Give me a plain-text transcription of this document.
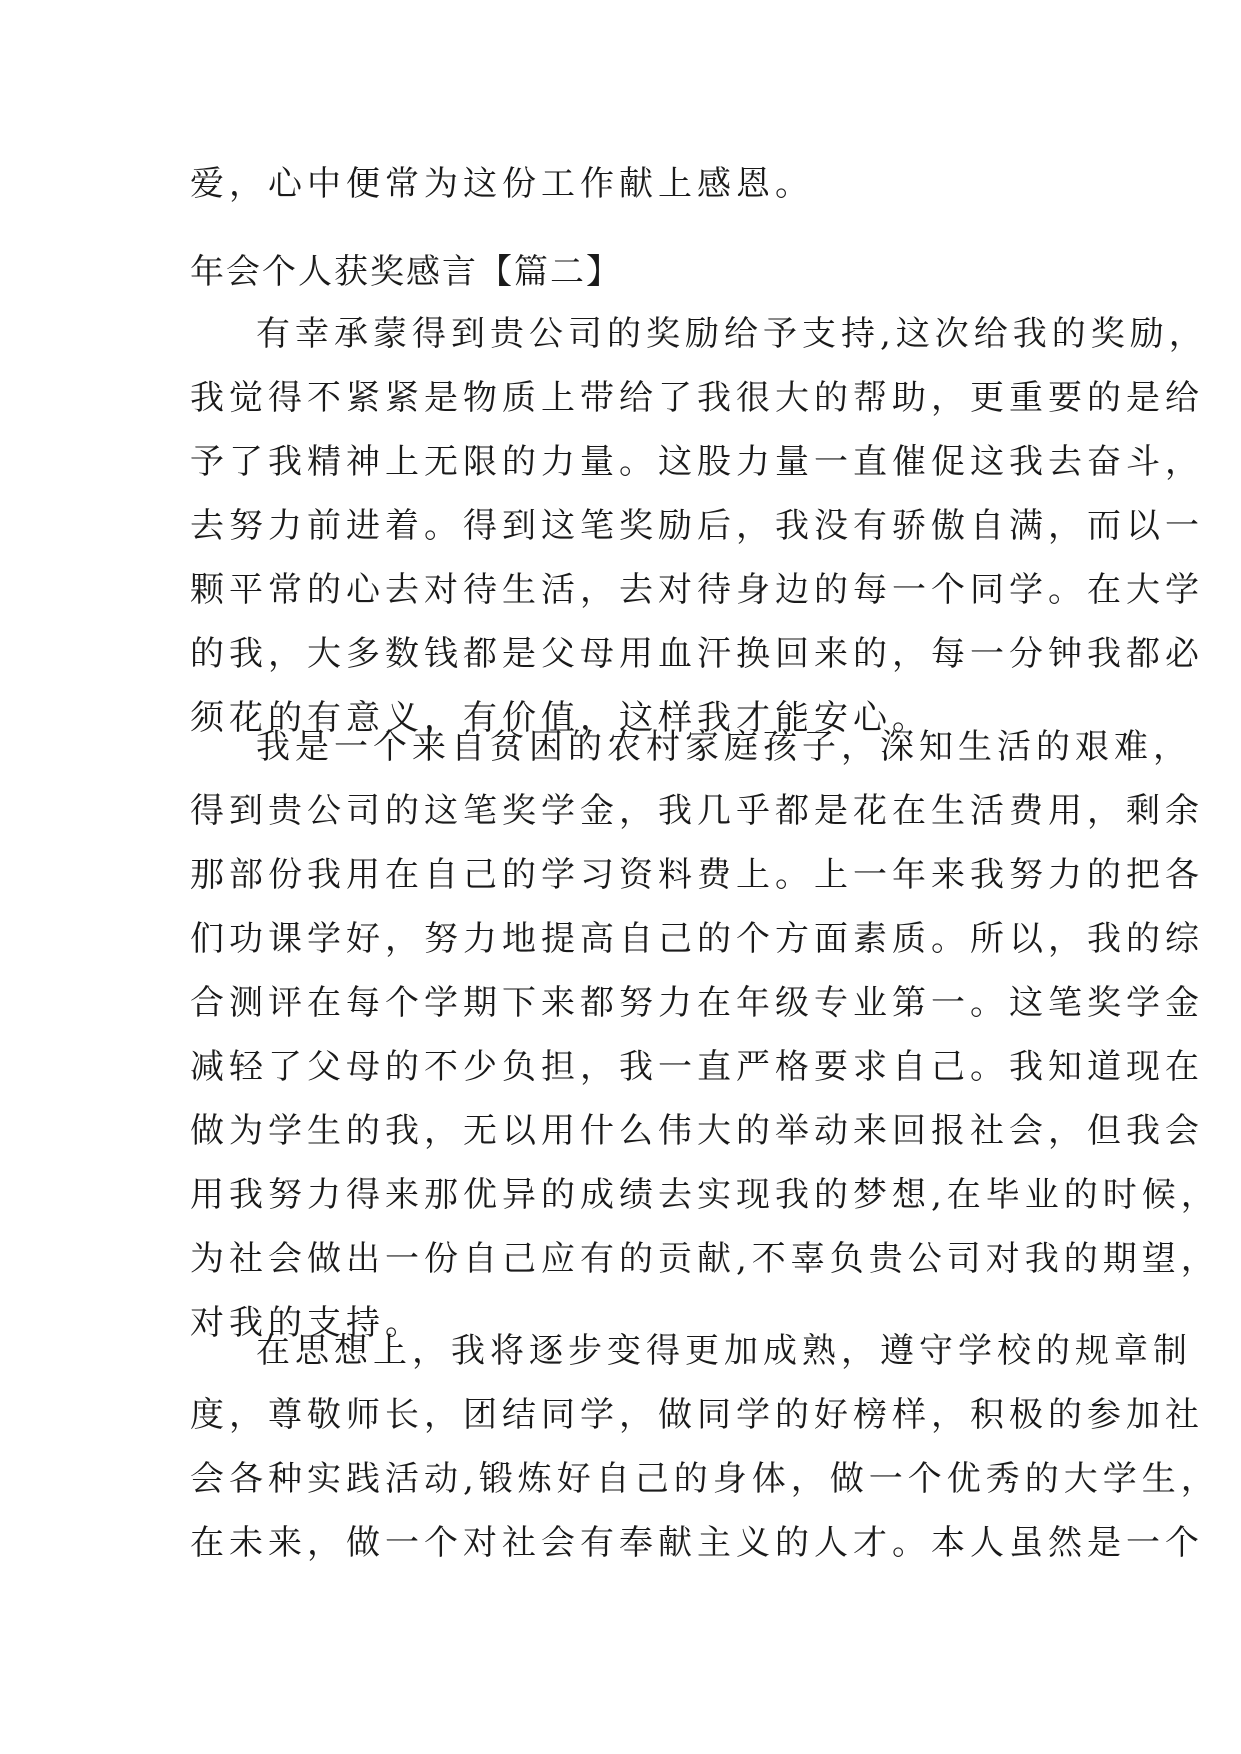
爱，心中便常为这份工作献上感恩。
年会个人获奖感言【篇二】
有幸承蒙得到贵公司的奖励给予支持,这次给我的奖励，
我觉得不紧紧是物质上带给了我很大的帮助，更重要的是给
予了我精神上无限的力量。这股力量一直催促这我去奋斗，
去努力前进着。得到这笔奖励后，我没有骄傲自满，而以一
颗平常的心去对待生活，去对待身边的每一个同学。在大学
的我，大多数钱都是父母用血汗换回来的，每一分钟我都必
须花的有意义，有价值，这样我才能安心。
我是一个来自贫困的农村家庭孩子，深知生活的艰难，
得到贵公司的这笔奖学金，我几乎都是花在生活费用，剩余
那部份我用在自己的学习资料费上。上一年来我努力的把各
们功课学好，努力地提高自己的个方面素质。所以，我的综
合测评在每个学期下来都努力在年级专业第一。这笔奖学金
减轻了父母的不少负担，我一直严格要求自己。我知道现在
做为学生的我，无以用什么伟大的举动来回报社会，但我会
用我努力得来那优异的成绩去实现我的梦想,在毕业的时候，
为社会做出一份自己应有的贡献,不辜负贵公司对我的期望，
对我的支持。
在思想上，我将逐步变得更加成熟，遵守学校的规章制
度，尊敬师长，团结同学，做同学的好榜样，积极的参加社
会各种实践活动,锻炼好自己的身体，做一个优秀的大学生，
在未来，做一个对社会有奉献主义的人才。本人虽然是一个
